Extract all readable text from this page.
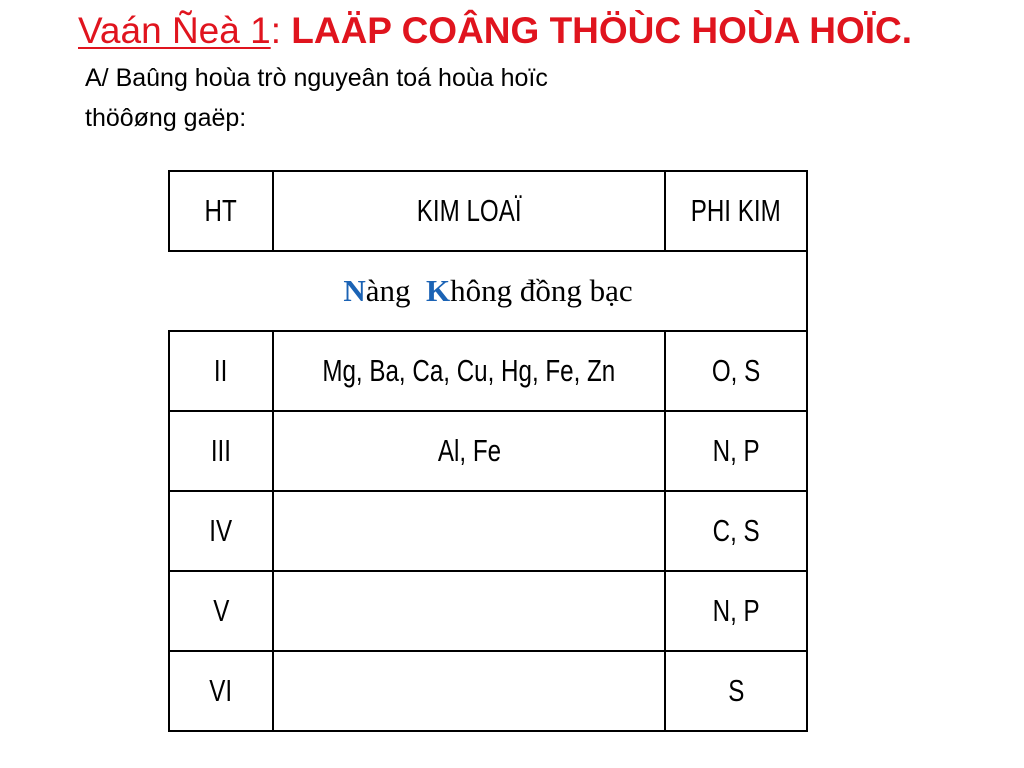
Vaán Ñeà 1: LAÄP COÂNG THÖÙC HOÙA HOÏC.
A/ Baûng hoùa trò nguyeân toá hoùa hoïc
thöôøng gaëp:
HT	KIM LOAÏ	PHI KIM
Nàng Không đồng bạc		
II	Mg, Ba, Ca, Cu, Hg, Fe, Zn	O, S
III	Al, Fe	N, P
IV		C, S
V		N, P
VI		S
